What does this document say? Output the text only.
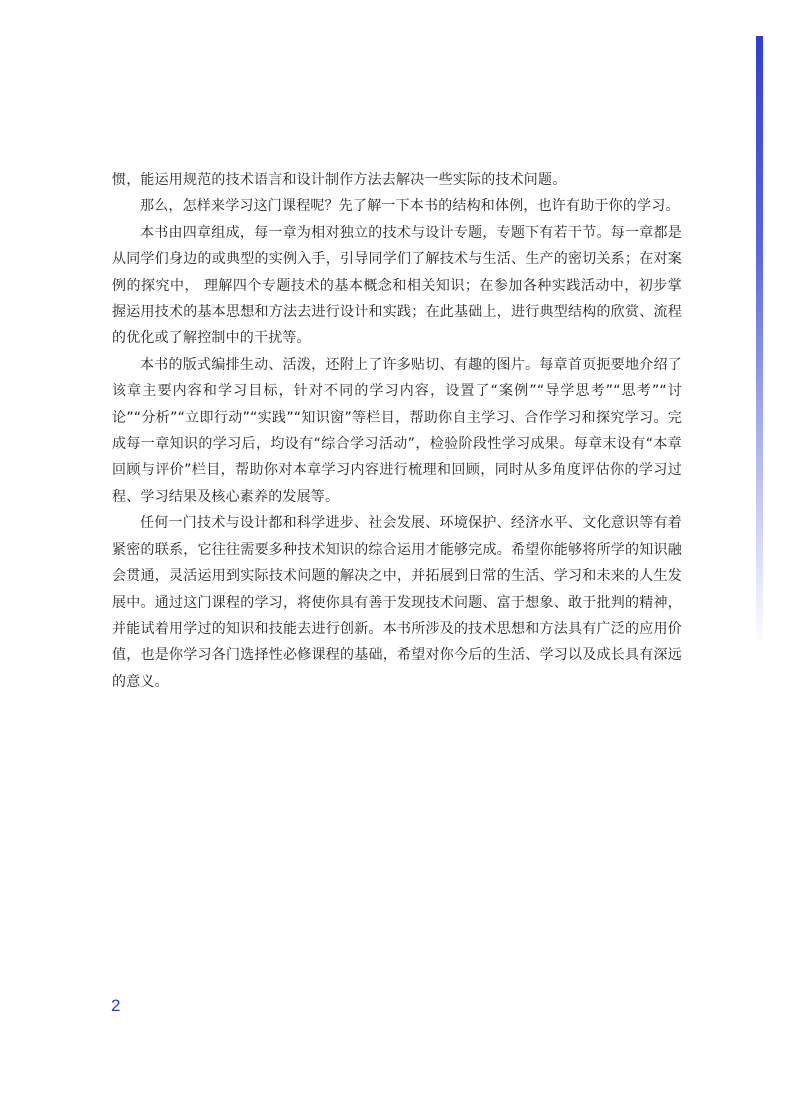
惯，能运用规范的技术语言和设计制作方法去解决一些实际的技术问题。

那么，怎样来学习这门课程呢？先了解一下本书的结构和体例，也许有助于你的学习。

本书由四章组成，每一章为相对独立的技术与设计专题，专题下有若干节。每一章都是从同学们身边的或典型的实例入手，引导同学们了解技术与生活、生产的密切关系；在对案例的探究中， 理解四个专题技术的基本概念和相关知识；在参加各种实践活动中，初步掌握运用技术的基本思想和方法去进行设计和实践；在此基础上，进行典型结构的欣赏、流程的优化或了解控制中的干扰等。

本书的版式编排生动、活泼，还附上了许多贴切、有趣的图片。每章首页扼要地介绍了该章主要内容和学习目标，针对不同的学习内容，设置了“案例”“导学思考”“思考”“讨论”“分析”“立即行动”“实践”“知识窗”等栏目，帮助你自主学习、合作学习和探究学习。完成每一章知识的学习后，均设有“综合学习活动”，检验阶段性学习成果。每章末设有“本章回顾与评价”栏目，帮助你对本章学习内容进行梳理和回顾，同时从多角度评估你的学习过程、学习结果及核心素养的发展等。

任何一门技术与设计都和科学进步、社会发展、环境保护、经济水平、文化意识等有着紧密的联系，它往往需要多种技术知识的综合运用才能够完成。希望你能够将所学的知识融会贯通，灵活运用到实际技术问题的解决之中，并拓展到日常的生活、学习和未来的人生发展中。通过这门课程的学习，将使你具有善于发现技术问题、富于想象、敢于批判的精神，并能试着用学过的知识和技能去进行创新。本书所涉及的技术思想和方法具有广泛的应用价值，也是你学习各门选择性必修课程的基础，希望对你今后的生活、学习以及成长具有深远的意义。

2
